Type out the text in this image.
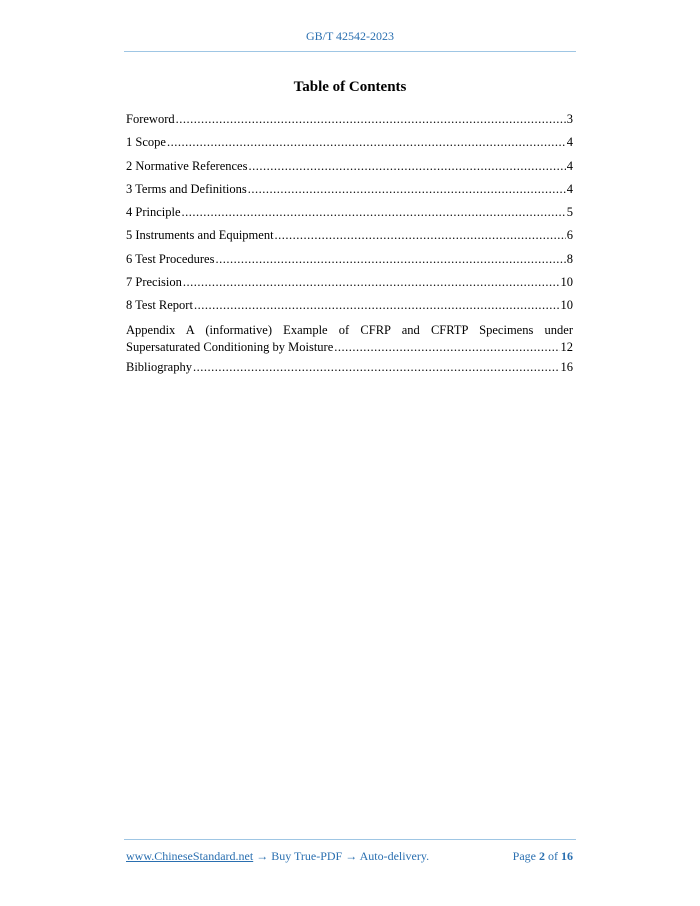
GB/T 42542-2023
Table of Contents
Foreword .....	3
1 Scope .....	4
2 Normative References .....	4
3 Terms and Definitions .....	4
4 Principle .....	5
5 Instruments and Equipment .....	6
6 Test Procedures .....	8
7 Precision .....	10
8 Test Report .....	10
Appendix A (informative) Example of CFRP and CFRTP Specimens under
Supersaturated Conditioning by Moisture .....	12
Bibliography .....	16
www.ChineseStandard.net → Buy True-PDF → Auto-delivery.	Page 2 of 16
